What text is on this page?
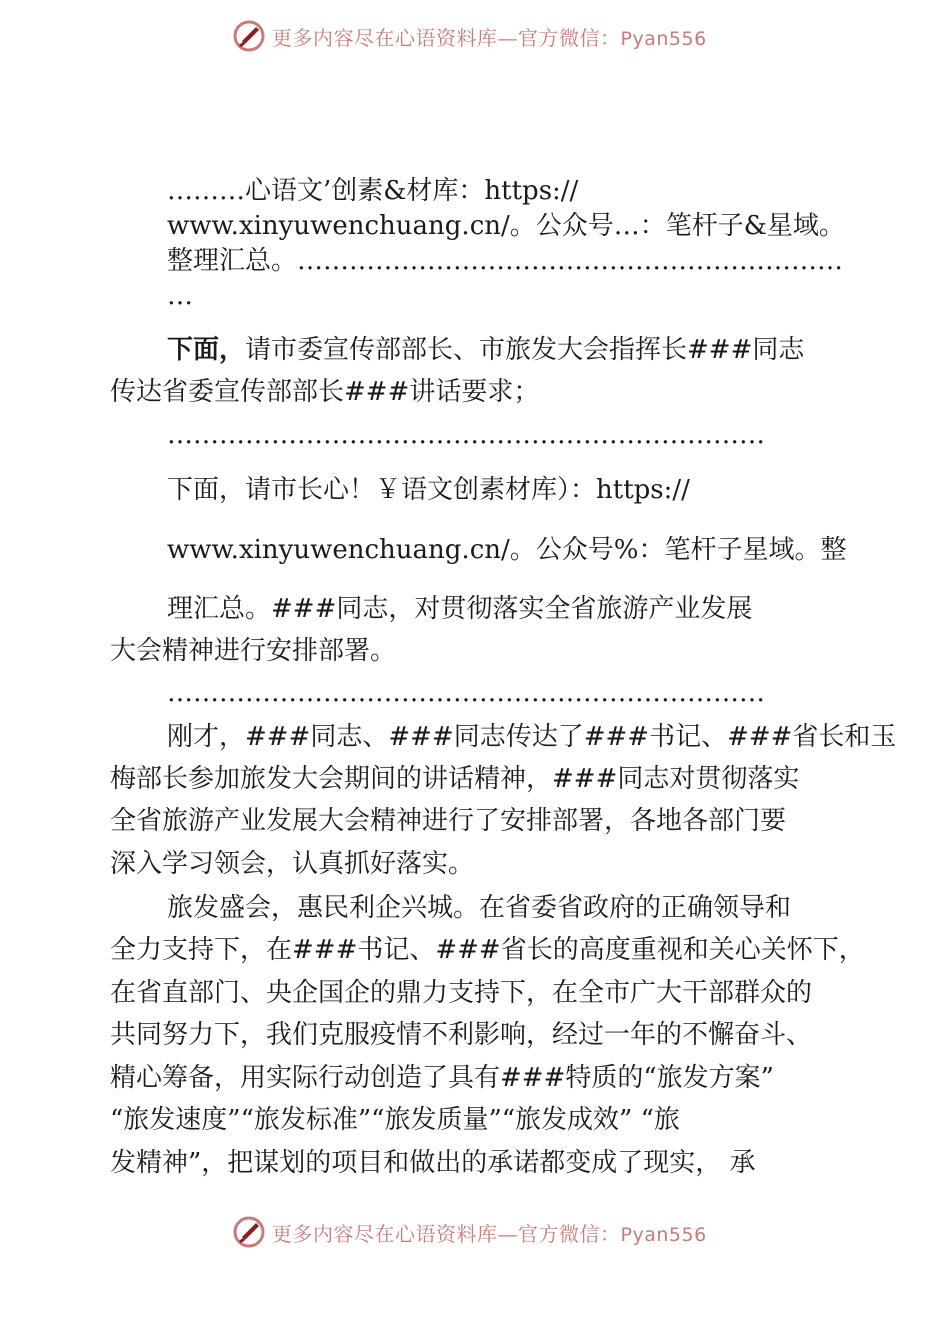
更多内容尽在心语资料库—官方微信：Pyan556
………心语文’创素&材库：https://
www.xinyuwenchuang.cn/。公众号…：笔杆子&星域。
整理汇总。………………………………………………………
…
下面，请市委宣传部部长、市旅发大会指挥长###同志
传达省委宣传部部长###讲话要求；
……………………………………………………………
下面，请市长心！￥语文创素材库）：https://
www.xinyuwenchuang.cn/。公众号%：笔杆子星域。整
理汇总。###同志，对贯彻落实全省旅游产业发展
大会精神进行安排部署。
……………………………………………………………
刚才，###同志、###同志传达了###书记、###省长和玉
梅部长参加旅发大会期间的讲话精神，###同志对贯彻落实
全省旅游产业发展大会精神进行了安排部署，各地各部门要
深入学习领会，认真抓好落实。
旅发盛会，惠民利企兴城。在省委省政府的正确领导和
全力支持下，在###书记、###省长的高度重视和关心关怀下，
在省直部门、央企国企的鼎力支持下，在全市广大干部群众的
共同努力下，我们克服疫情不利影响，经过一年的不懈奋斗、
精心筹备，用实际行动创造了具有###特质的“旅发方案”
“旅发速度”“旅发标准”“旅发质量”“旅发成效” “旅
发精神”，把谋划的项目和做出的承诺都变成了现实， 承
更多内容尽在心语资料库—官方微信：Pyan556
